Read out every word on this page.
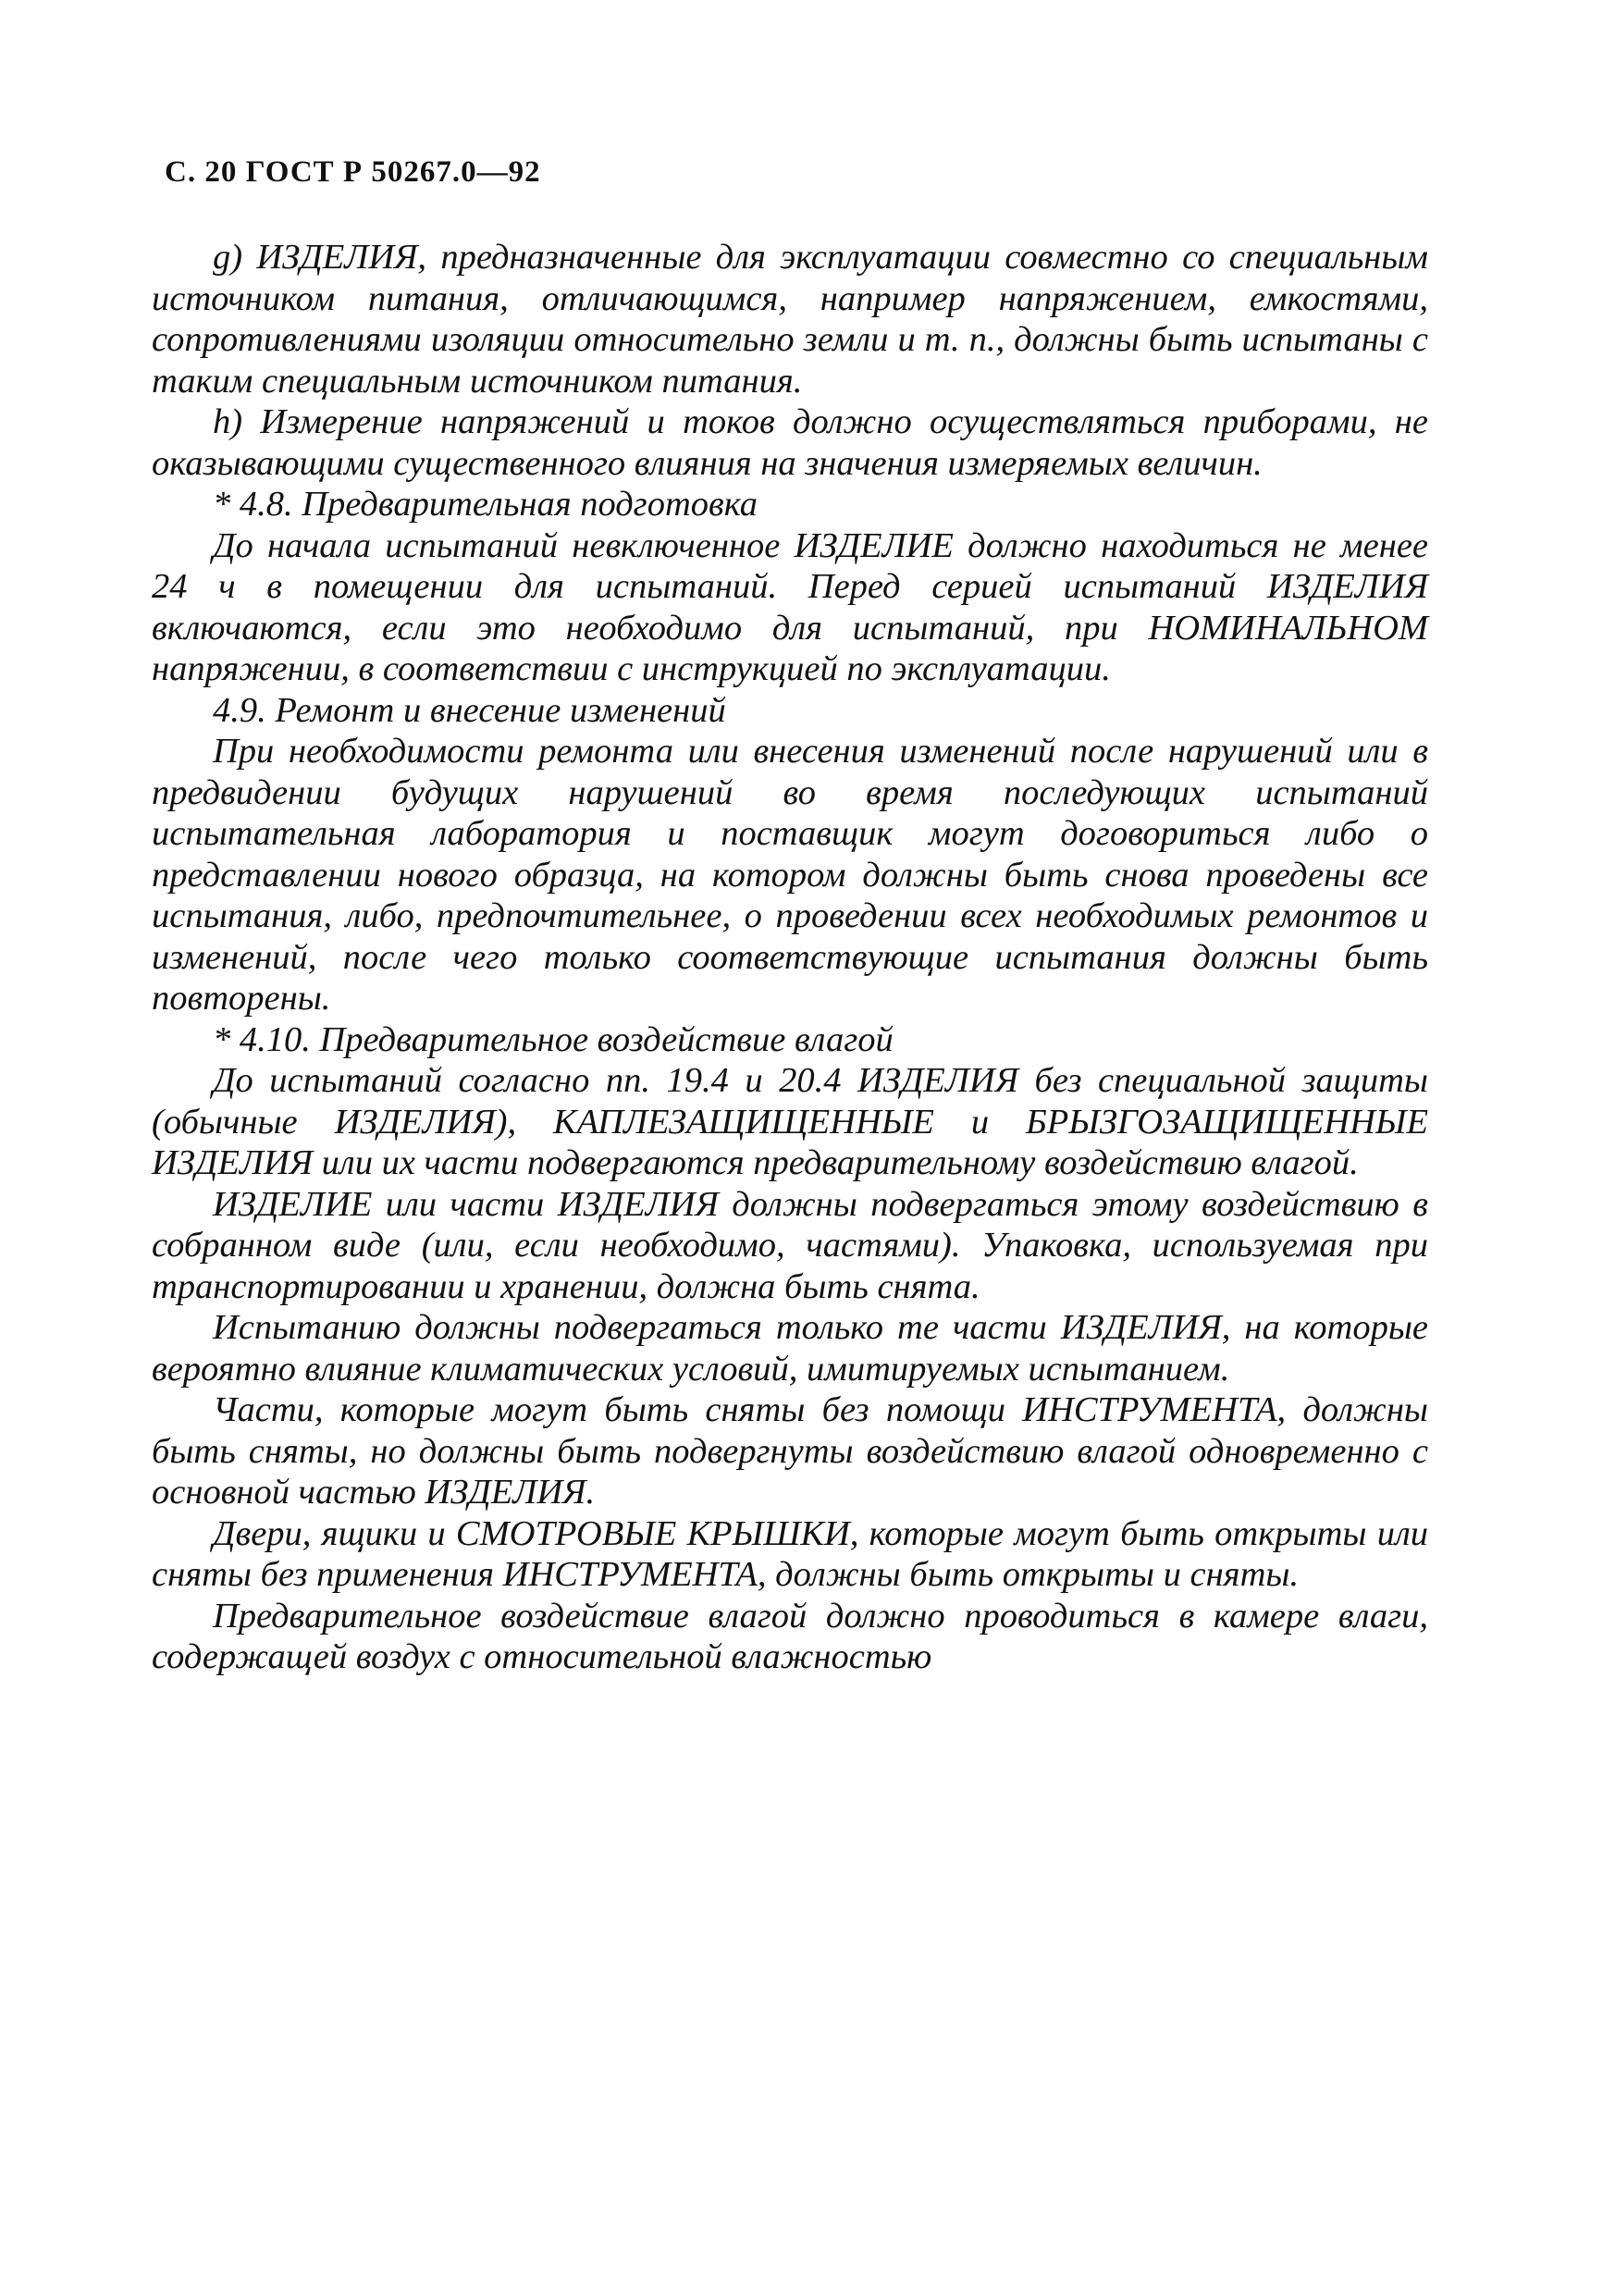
С. 20 ГОСТ Р 50267.0—92

g) ИЗДЕЛИЯ, предназначенные для эксплуатации совместно со специальным источником питания, отличающимся, например напряжением, емкостями, сопротивлениями изоляции относительно земли и т. п., должны быть испытаны с таким специальным источником питания.

h) Измерение напряжений и токов должно осуществляться приборами, не оказывающими существенного влияния на значения измеряемых величин.

* 4.8. Предварительная подготовка

До начала испытаний невключенное ИЗДЕЛИЕ должно находиться не менее 24 ч в помещении для испытаний. Перед серией испытаний ИЗДЕЛИЯ включаются, если это необходимо для испытаний, при НОМИНАЛЬНОМ напряжении, в соответствии с инструкцией по эксплуатации.

4.9. Ремонт и внесение изменений

При необходимости ремонта или внесения изменений после нарушений или в предвидении будущих нарушений во время последующих испытаний испытательная лаборатория и поставщик могут договориться либо о представлении нового образца, на котором должны быть снова проведены все испытания, либо, предпочтительнее, о проведении всех необходимых ремонтов и изменений, после чего только соответствующие испытания должны быть повторены.

* 4.10. Предварительное воздействие влагой

До испытаний согласно пп. 19.4 и 20.4 ИЗДЕЛИЯ без специальной защиты (обычные ИЗДЕЛИЯ), КАПЛЕЗАЩИЩЕННЫЕ и БРЫЗГОЗАЩИЩЕННЫЕ ИЗДЕЛИЯ или их части подвергаются предварительному воздействию влагой.

ИЗДЕЛИЕ или части ИЗДЕЛИЯ должны подвергаться этому воздействию в собранном виде (или, если необходимо, частями). Упаковка, используемая при транспортировании и хранении, должна быть снята.

Испытанию должны подвергаться только те части ИЗДЕЛИЯ, на которые вероятно влияние климатических условий, имитируемых испытанием.

Части, которые могут быть сняты без помощи ИНСТРУМЕНТА, должны быть сняты, но должны быть подвергнуты воздействию влагой одновременно с основной частью ИЗДЕЛИЯ.

Двери, ящики и СМОТРОВЫЕ КРЫШКИ, которые могут быть открыты или сняты без применения ИНСТРУМЕНТА, должны быть открыты и сняты.

Предварительное воздействие влагой должно проводиться в камере влаги, содержащей воздух с относительной влажностью
